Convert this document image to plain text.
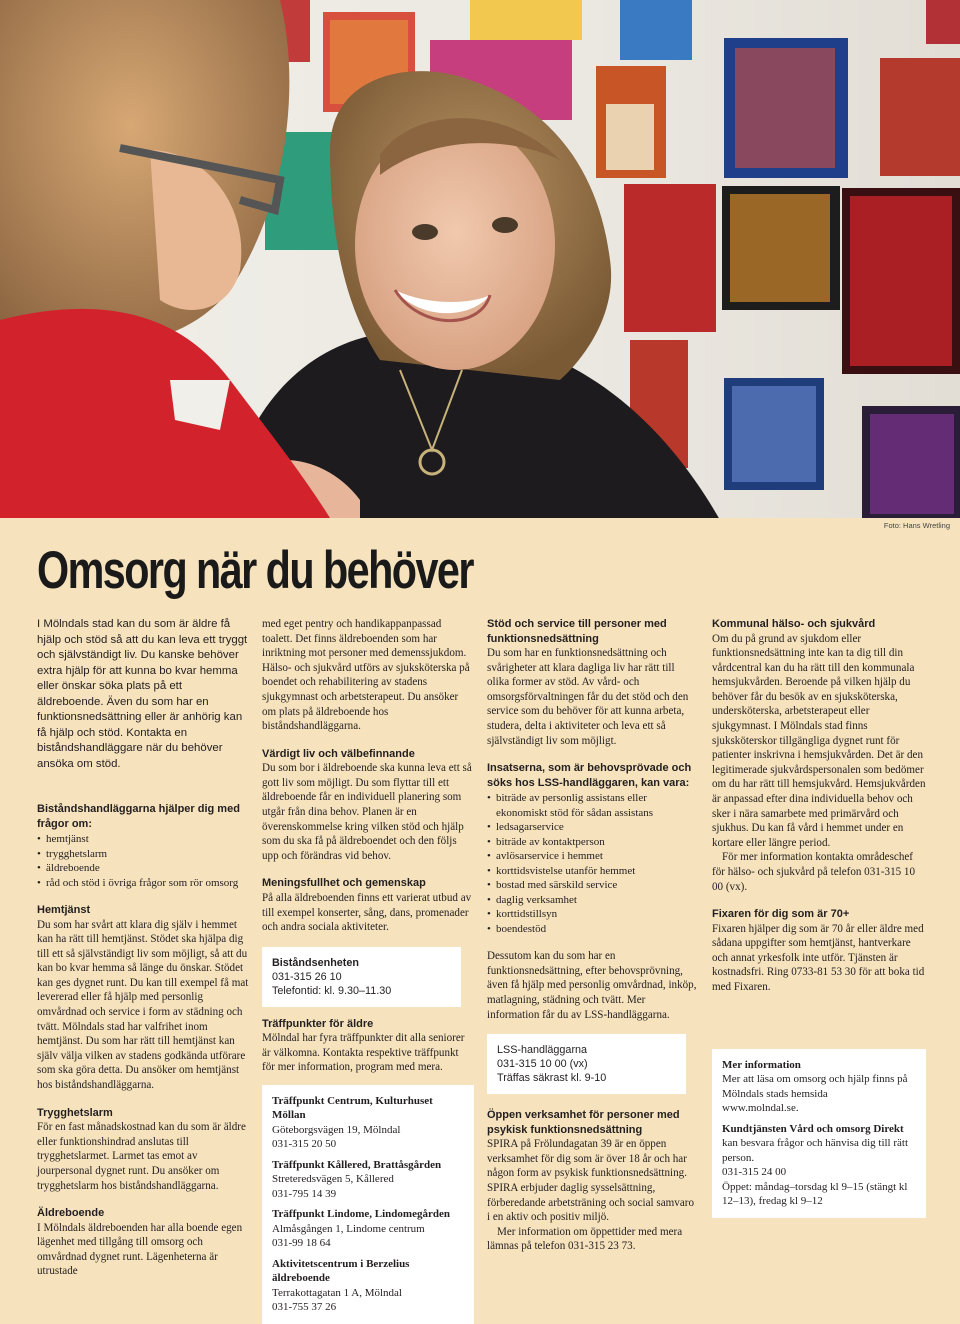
Foto: Hans Wretling
Omsorg när du behöver

I Mölndals stad kan du som är äldre få hjälp och stöd så att du kan leva ett tryggt och självständigt liv. Du kanske behöver extra hjälp för att kunna bo kvar hemma eller önskar söka plats på ett äldreboende. Även du som har en funktionsnedsättning eller är anhörig kan få hjälp och stöd. Kontakta en biståndshandläggare när du behöver ansöka om stöd.

Biståndshandläggarna hjälper dig med frågor om:
• hemtjänst
• trygghetslarm
• äldreboende
• råd och stöd i övriga frågor som rör omsorg
Hemtjänst

Du som har svårt att klara dig själv i hemmet kan ha rätt till hemtjänst. Stödet ska hjälpa dig till ett så självständigt liv som möjligt, så att du kan bo kvar hemma så länge du önskar. Stödet kan ges dygnet runt. Du kan till exempel få mat levererad eller få hjälp med personlig omvårdnad och service i form av städning och tvätt. Mölndals stad har valfrihet inom hemtjänst. Du som har rätt till hemtjänst kan själv välja vilken av stadens godkända utförare som ska göra detta. Du ansöker om hemtjänst hos biståndshandläggarna.

Trygghetslarm

För en fast månadskostnad kan du som är äldre eller funktionshindrad anslutas till trygghetslarmet. Larmet tas emot av jourpersonal dygnet runt. Du ansöker om trygghetslarm hos biståndshandläggarna.

Äldreboende

I Mölndals äldreboenden har alla boende egen lägenhet med tillgång till omsorg och omvårdnad dygnet runt. Lägenheterna är utrustade

med eget pentry och handikappanpassad toalett. Det finns äldreboenden som har inriktning mot personer med demenssjukdom. Hälso- och sjukvård utförs av sjuksköterska på boendet och rehabilitering av stadens sjukgymnast och arbetsterapeut. Du ansöker om plats på äldreboende hos biståndshandläggarna.

Värdigt liv och välbefinnande

Du som bor i äldreboende ska kunna leva ett så gott liv som möjligt. Du som flyttar till ett äldreboende får en individuell planering som utgår från dina behov. Planen är en överenskommelse kring vilken stöd och hjälp som du ska få på äldreboendet och den följs upp och förändras vid behov.

Meningsfullhet och gemenskap

På alla äldreboenden finns ett varierat utbud av till exempel konserter, sång, dans, promenader och andra sociala aktiviteter.

Biståndsenheten
031-315 26 10
Telefontid: kl. 9.30–11.30
Träffpunkter för äldre

Mölndal har fyra träffpunkter dit alla seniorer är välkomna. Kontakta respektive träffpunkt för mer information, program med mera.

Träffpunkt Centrum, Kulturhuset Möllan
Göteborgsvägen 19, Mölndal
031-315 20 50
Träffpunkt Kållered, Brattåsgården
Streteredsvägen 5, Kållered
031-795 14 39
Träffpunkt Lindome, Lindomegården
Almåsgången 1, Lindome centrum
031-99 18 64
Aktivitetscentrum i Berzelius äldreboende
Terrakottagatan 1 A, Mölndal
031-755 37 26
Stöd och service till personer med funktionsnedsättning

Du som har en funktionsnedsättning och svårigheter att klara dagliga liv har rätt till olika former av stöd. Av vård- och omsorgsförvaltningen får du det stöd och den service som du behöver för att kunna arbeta, studera, delta i aktiviteter och leva ett så självständigt liv som möjligt.

Insatserna, som är behovsprövade och söks hos LSS-handläggaren, kan vara:
• biträde av personlig assistans eller ekonomiskt stöd för sådan assistans
• ledsagarservice
• biträde av kontaktperson
• avlösarservice i hemmet
• korttidsvistelse utanför hemmet
• bostad med särskild service
• daglig verksamhet
• korttidstillsyn
• boendestöd

Dessutom kan du som har en funktionsnedsättning, efter behovsprövning, även få hjälp med personlig omvårdnad, inköp, matlagning, städning och tvätt. Mer information får du av LSS-handläggarna.

LSS-handläggarna
031-315 10 00 (vx)
Träffas säkrast kl. 9-10
Öppen verksamhet för personer med psykisk funktionsnedsättning

SPIRA på Frölundagatan 39 är en öppen verksamhet för dig som är över 18 år och har någon form av psykisk funktionsnedsättning. SPIRA erbjuder daglig sysselsättning, förberedande arbetsträning och social samvaro i en aktiv och positiv miljö.

Mer information om öppettider med mera lämnas på telefon 031-315 23 73.

Kommunal hälso- och sjukvård

Om du på grund av sjukdom eller funktionsnedsättning inte kan ta dig till din vårdcentral kan du ha rätt till den kommunala hemsjukvården. Beroende på vilken hjälp du behöver får du besök av en sjuksköterska, undersköterska, arbetsterapeut eller sjukgymnast. I Mölndals stad finns sjuksköterskor tillgängliga dygnet runt för patienter inskrivna i hemsjukvården. Det är den legitimerade sjukvårdspersonalen som bedömer om du har rätt till hemsjukvård. Hemsjukvården är anpassad efter dina individuella behov och sker i nära samarbete med primärvård och sjukhus. Du kan få vård i hemmet under en kortare eller längre period.

För mer information kontakta områdeschef för hälso- och sjukvård på telefon 031-315 10 00 (vx).

Fixaren för dig som är 70+

Fixaren hjälper dig som är 70 år eller äldre med sådana uppgifter som hemtjänst, hantverkare och annat yrkesfolk inte utför. Tjänsten är kostnadsfri. Ring 0733-81 53 30 för att boka tid med Fixaren.

Mer information
Mer att läsa om omsorg och hjälp finns på Mölndals stads hemsida
www.molndal.se.
Kundtjänsten Vård och omsorg Direkt
kan besvara frågor och hänvisa dig till rätt person.
031-315 24 00
Öppet: måndag–torsdag kl 9–15 (stängt kl 12–13), fredag kl 9–12
